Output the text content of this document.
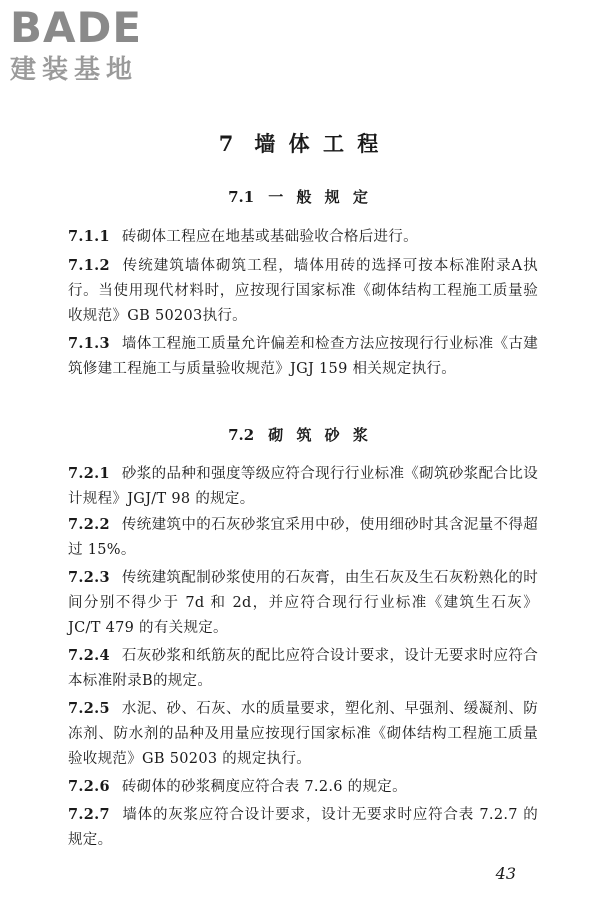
BADE
建装基地
7 墙 体 工 程
7.1 一 般 规 定
7.1.1 砖砌体工程应在地基或基础验收合格后进行。
7.1.2 传统建筑墙体砌筑工程，墙体用砖的选择可按本标准附录A执行。当使用现代材料时，应按现行国家标准《砌体结构工程施工质量验收规范》GB 50203执行。
7.1.3 墙体工程施工质量允许偏差和检查方法应按现行行业标准《古建筑修建工程施工与质量验收规范》JGJ 159 相关规定执行。
7.2 砌 筑 砂 浆
7.2.1 砂浆的品种和强度等级应符合现行行业标准《砌筑砂浆配合比设计规程》JGJ/T 98 的规定。
7.2.2 传统建筑中的石灰砂浆宜采用中砂，使用细砂时其含泥量不得超过 15%。
7.2.3 传统建筑配制砂浆使用的石灰膏，由生石灰及生石灰粉熟化的时间分别不得少于 7d 和 2d，并应符合现行行业标准《建筑生石灰》JC/T 479 的有关规定。
7.2.4 石灰砂浆和纸筋灰的配比应符合设计要求，设计无要求时应符合本标准附录B的规定。
7.2.5 水泥、砂、石灰、水的质量要求，塑化剂、早强剂、缓凝剂、防冻剂、防水剂的品种及用量应按现行国家标准《砌体结构工程施工质量验收规范》GB 50203 的规定执行。
7.2.6 砖砌体的砂浆稠度应符合表 7.2.6 的规定。
7.2.7 墙体的灰浆应符合设计要求，设计无要求时应符合表 7.2.7 的规定。
43
